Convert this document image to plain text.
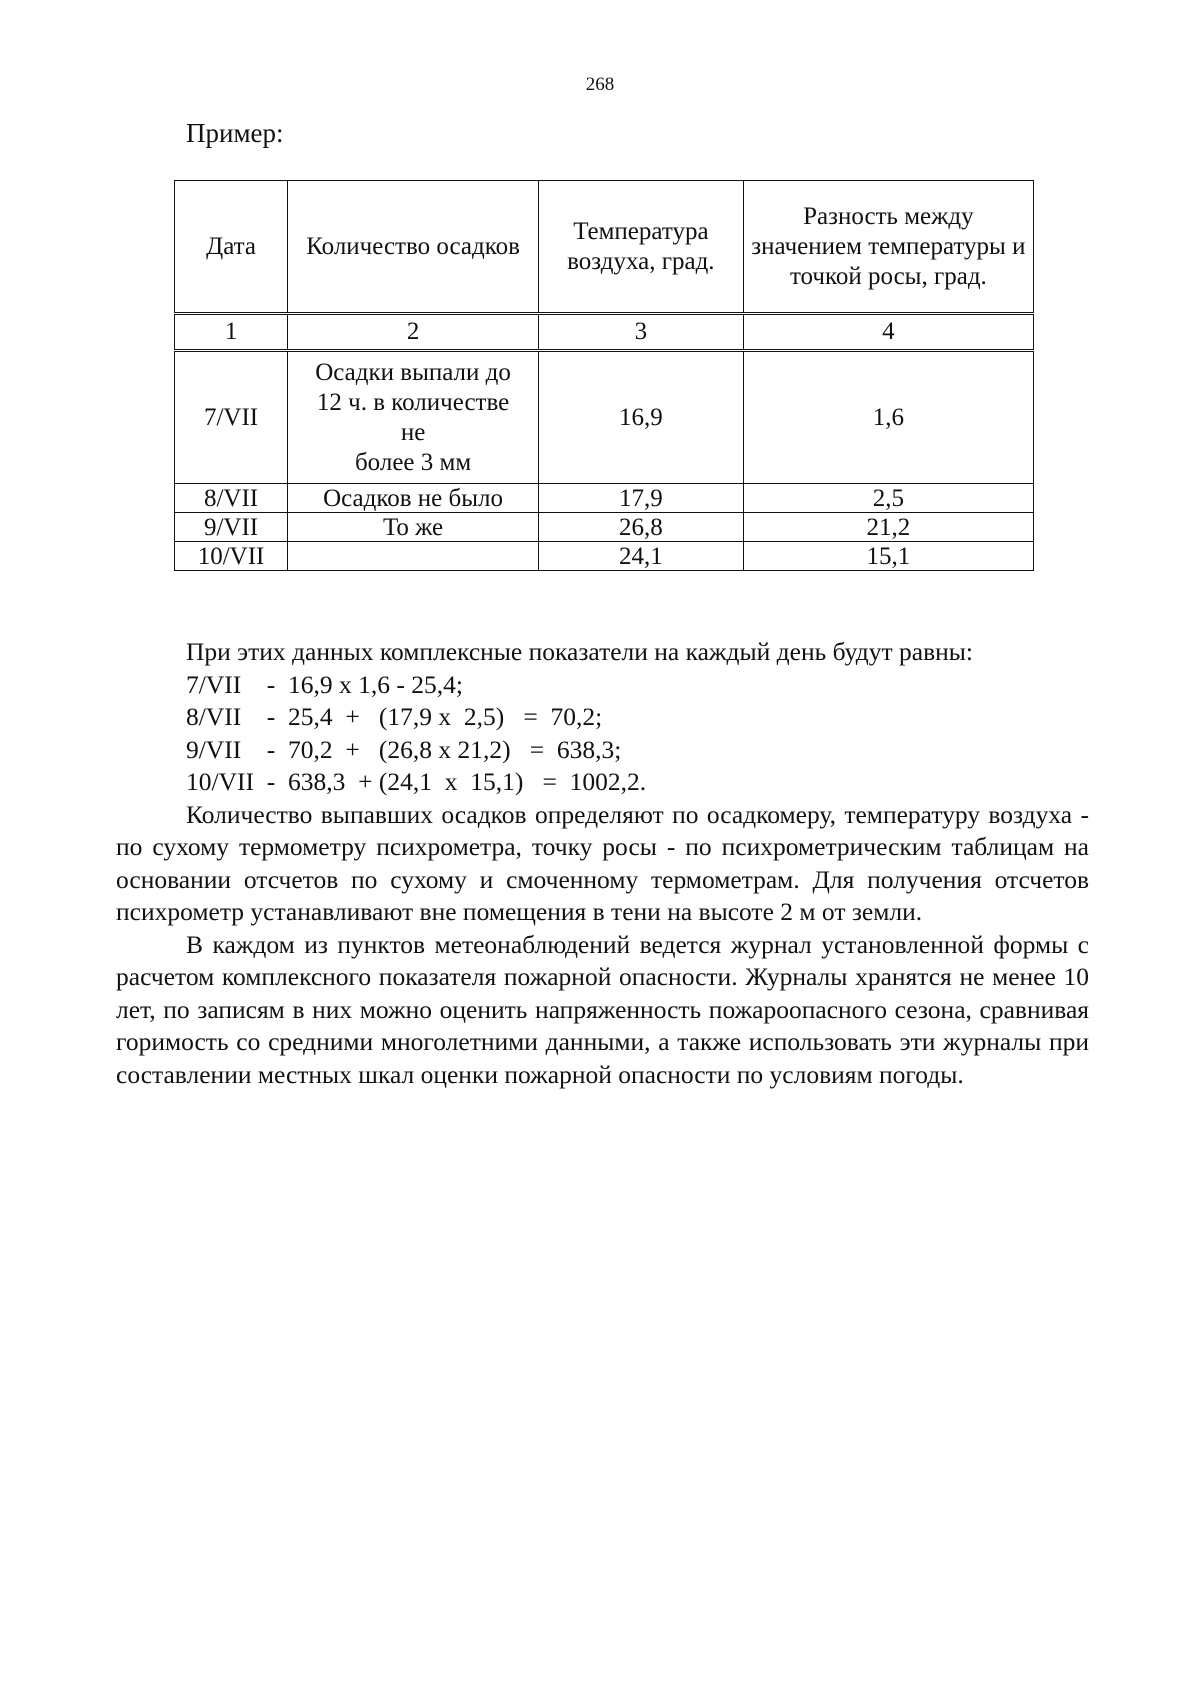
268
Пример:
Дата	Количество осадков	Температура воздуха, град.	Разность между значением температуры и точкой росы, град.
1	2	3	4
7/VII	Осадки выпали до
12 ч. в количестве
не
более 3 мм	16,9	1,6
8/VII	Осадков не было	17,9	2,5
9/VII	То же	26,8	21,2
10/VII		24,1	15,1

При этих данных комплексные показатели на каждый день будут равны:

7/VII    -  16,9 х 1,6 - 25,4;

8/VII    -  25,4  +   (17,9 х  2,5)   =  70,2;

9/VII    -  70,2  +   (26,8 х 21,2)   =  638,3;

10/VII  -  638,3  + (24,1  х  15,1)   =  1002,2.

Количество выпавших осадков определяют по осадкомеру, температуру воздуха - по сухому термометру психрометра, точку росы - по психрометрическим таблицам на основании отсчетов по сухому и смоченному термометрам. Для получения отсчетов психрометр устанавливают вне помещения в тени на высоте 2 м от земли.

В каждом из пунктов метеонаблюдений ведется журнал установленной формы с расчетом комплексного показателя пожарной опасности. Журналы хранятся не менее 10 лет, по записям в них можно оценить напряженность пожароопасного сезона, сравнивая горимость со средними многолетними данными, а также использовать эти журналы при составлении местных шкал оценки пожарной опасности по условиям погоды.
